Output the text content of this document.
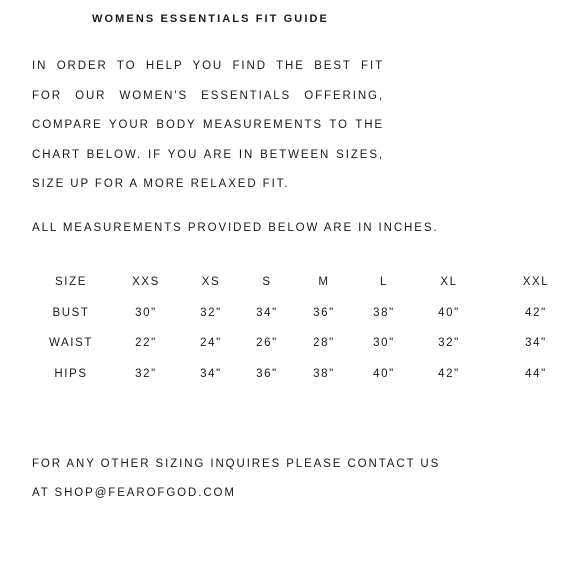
WOMENS ESSENTIALS FIT GUIDE
IN ORDER TO HELP YOU FIND THE BEST FIT FOR OUR WOMEN'S ESSENTIALS OFFERING, COMPARE YOUR BODY MEASUREMENTS TO THE CHART BELOW. IF YOU ARE IN BETWEEN SIZES, SIZE UP FOR A MORE RELAXED FIT.
ALL MEASUREMENTS PROVIDED BELOW ARE IN INCHES.
SIZE	XXS	XS	S	M	L	XL	XXL
BUST	30"	32"	34"	36"	38"	40"	42"
WAIST	22"	24"	26"	28"	30"	32"	34"
HIPS	32"	34"	36"	38"	40"	42"	44"
FOR ANY OTHER SIZING INQUIRES PLEASE CONTACT US
AT SHOP@FEAROFGOD.COM
